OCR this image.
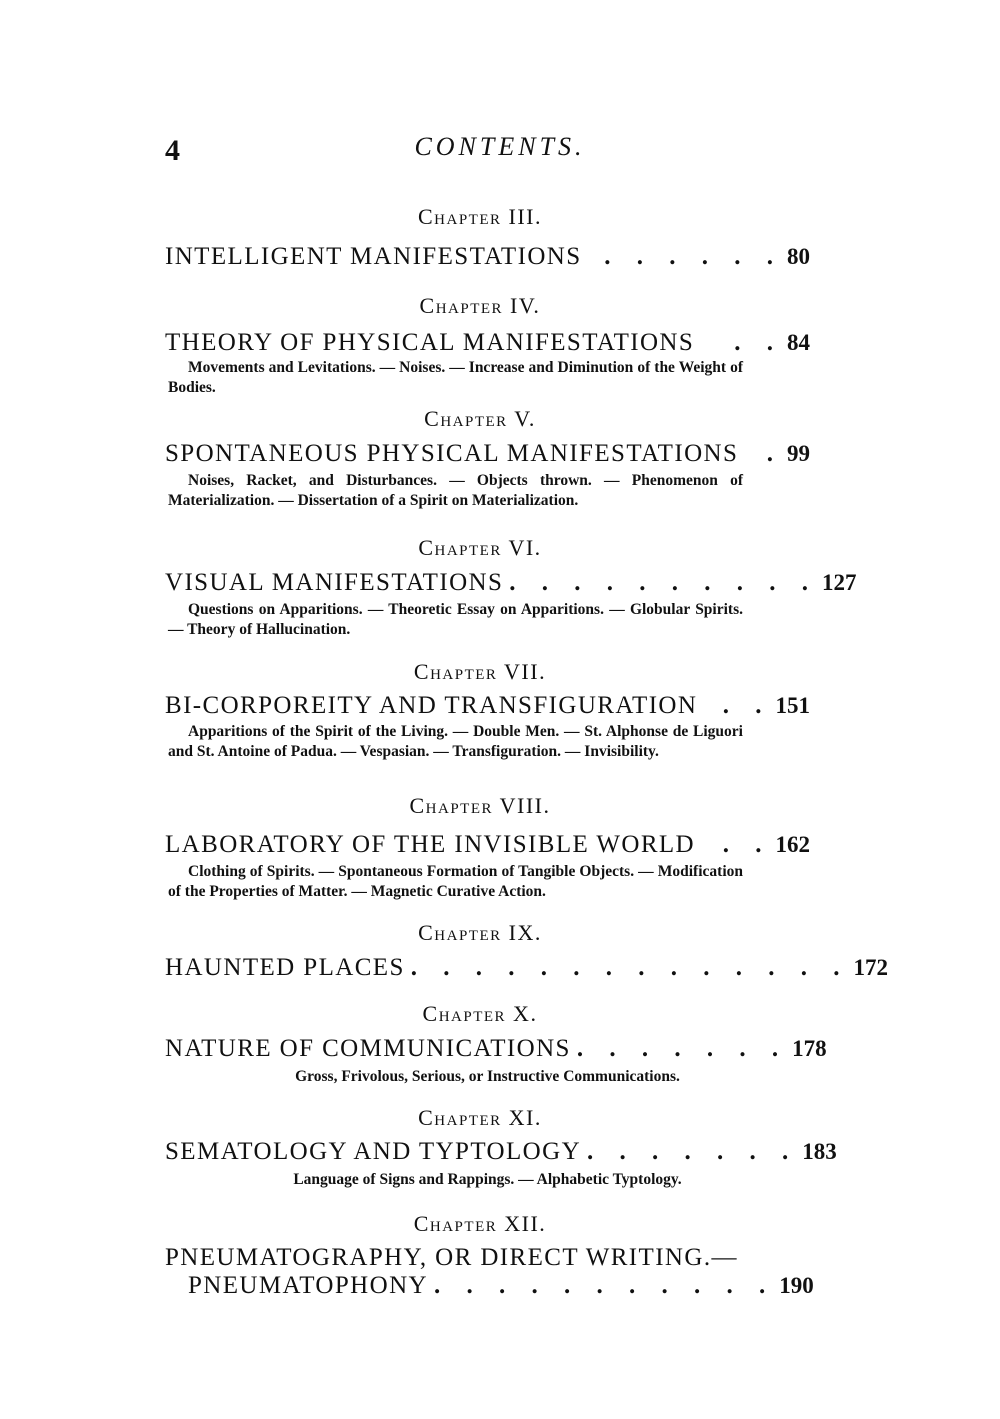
4	CONTENTS.
Chapter III.
INTELLIGENT MANIFESTATIONS . . . . . . 80
Chapter IV.
THEORY OF PHYSICAL MANIFESTATIONS	. . 84
Movements and Levitations. — Noises. — Increase and Diminution of the Weight of Bodies.
Chapter V.
SPONTANEOUS PHYSICAL MANIFESTATIONS	. 99
Noises, Racket, and Disturbances. — Objects thrown. — Phenomenon of Materialization. — Dissertation of a Spirit on Materialization.
Chapter VI.
VISUAL MANIFESTATIONS . . . . . . . . . . 127
Questions on Apparitions. — Theoretic Essay on Apparitions. — Globular Spirits. — Theory of Hallucination.
Chapter VII.
BI-CORPOREITY AND TRANSFIGURATION	. . 151
Apparitions of the Spirit of the Living. — Double Men. — St. Alphonse de Liguori and St. Antoine of Padua. — Vespasian. — Transfiguration. — Invisibility.
Chapter VIII.
LABORATORY OF THE INVISIBLE WORLD	. . 162
Clothing of Spirits. — Spontaneous Formation of Tangible Objects. — Modification of the Properties of Matter. — Magnetic Curative Action.
Chapter IX.
HAUNTED PLACES . . . . . . . . . . . . . . 172
Chapter X.
NATURE OF COMMUNICATIONS . . . . . . . 178
Gross, Frivolous, Serious, or Instructive Communications.
Chapter XI.
SEMATOLOGY AND TYPTOLOGY . . . . . . . 183
Language of Signs and Rappings. — Alphabetic Typtology.
Chapter XII.
PNEUMATOGRAPHY, OR DIRECT WRITING.—
PNEUMATOPHONY . . . . . . . . . . . 190
